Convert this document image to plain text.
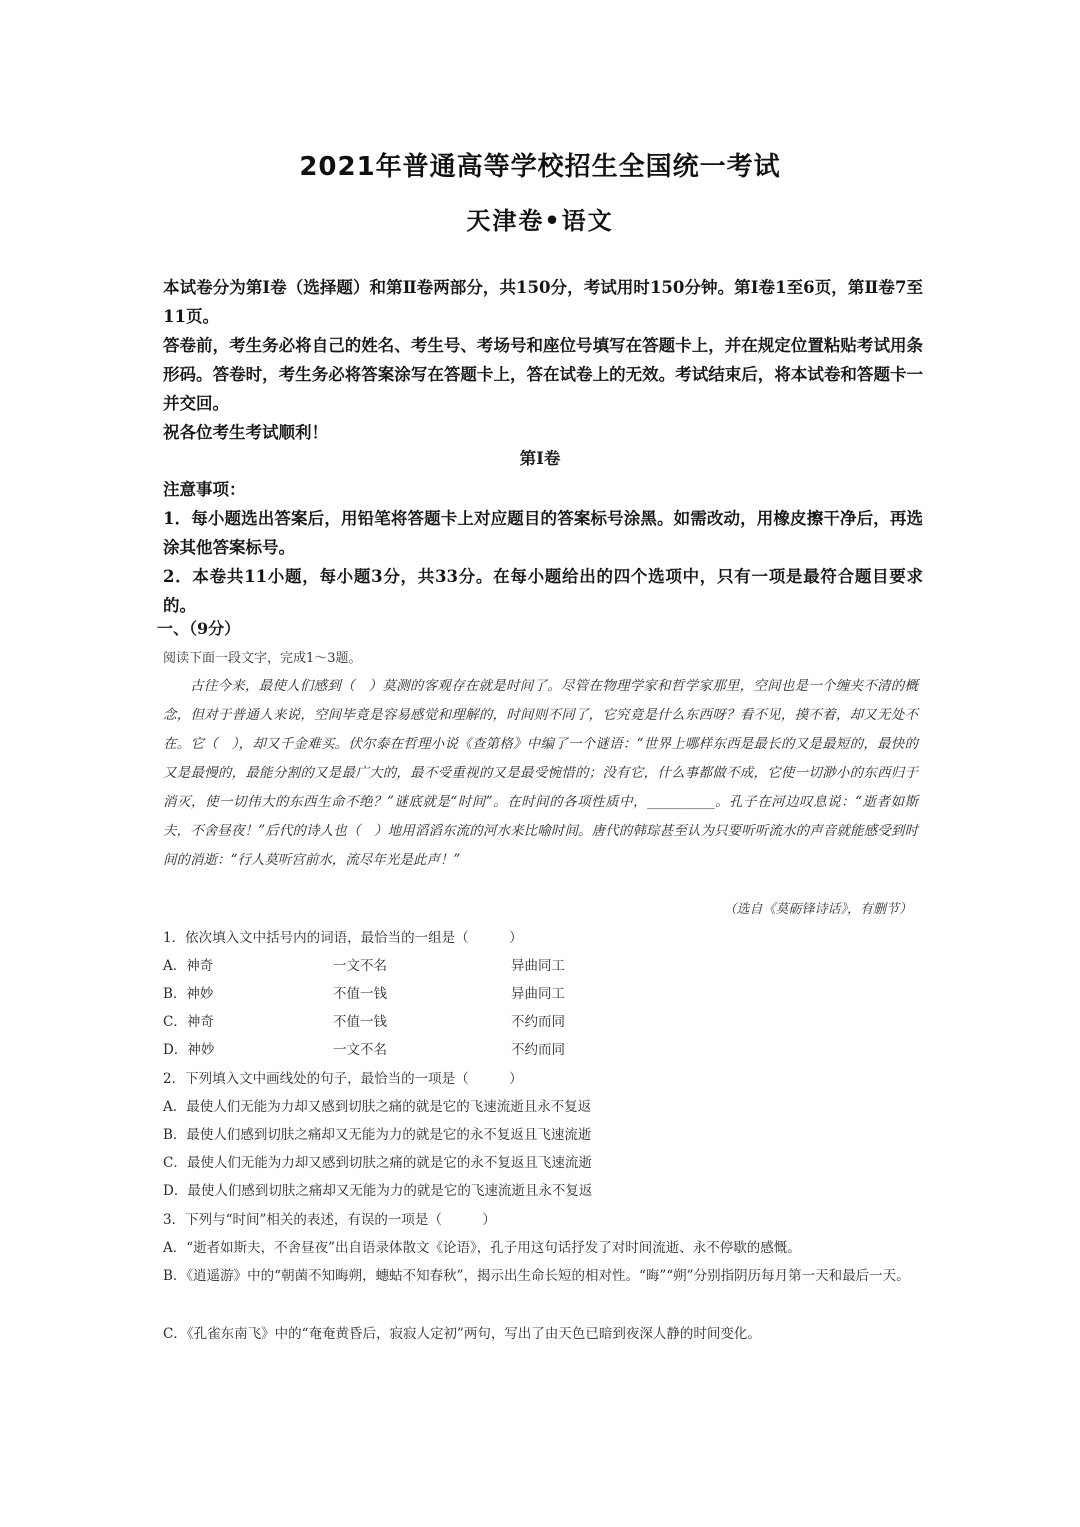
2021年普通高等学校招生全国统一考试
天津卷•语文

本试卷分为第Ⅰ卷（选择题）和第Ⅱ卷两部分，共150分，考试用时150分钟。第Ⅰ卷1至6页，第Ⅱ卷7至11页。

答卷前，考生务必将自己的姓名、考生号、考场号和座位号填写在答题卡上，并在规定位置粘贴考试用条形码。答卷时，考生务必将答案涂写在答题卡上，答在试卷上的无效。考试结束后，将本试卷和答题卡一并交回。

祝各位考生考试顺利！

第Ⅰ卷

注意事项：

1．每小题选出答案后，用铅笔将答题卡上对应题目的答案标号涂黑。如需改动，用橡皮擦干净后，再选涂其他答案标号。

2．本卷共11小题，每小题3分，共33分。在每小题给出的四个选项中，只有一项是最符合题目要求的。

一、（9分）
阅读下面一段文字，完成1～3题。

古往今来，最使人们感到（　）莫测的客观存在就是时间了。尽管在物理学家和哲学家那里，空间也是一个缠夹不清的概念，但对于普通人来说，空间毕竟是容易感觉和理解的，时间则不同了，它究竟是什么东西呀？看不见，摸不着，却又无处不在。它（　），却又千金难买。伏尔泰在哲理小说《查第格》中编了一个谜语：“世界上哪样东西是最长的又是最短的，最快的又是最慢的，最能分割的又是最广大的，最不受重视的又是最受惋惜的；没有它，什么事都做不成，它使一切渺小的东西归于消灭，使一切伟大的东西生命不绝？”谜底就是“时间”。在时间的各项性质中，__________。孔子在河边叹息说：“逝者如斯夫，不舍昼夜！”后代的诗人也（　）地用滔滔东流的河水来比喻时间。唐代的韩琮甚至认为只要听听流水的声音就能感受到时间的消逝：“行人莫听宫前水，流尽年光是此声！”

（选自《莫砺锋诗话》，有删节）
1．依次填入文中括号内的词语，最恰当的一组是（　　　）
A．神奇	一文不名	异曲同工
B．神妙	不值一钱	异曲同工
C．神奇	不值一钱	不约而同
D．神妙	一文不名	不约而同
2．下列填入文中画线处的句子，最恰当的一项是（　　　）
A．最使人们无能为力却又感到切肤之痛的就是它的飞速流逝且永不复返
B．最使人们感到切肤之痛却又无能为力的就是它的永不复返且飞速流逝
C．最使人们无能为力却又感到切肤之痛的就是它的永不复返且飞速流逝
D．最使人们感到切肤之痛却又无能为力的就是它的飞速流逝且永不复返
3．下列与“时间”相关的表述，有误的一项是（　　　）
A．“逝者如斯夫，不舍昼夜”出自语录体散文《论语》，孔子用这句话抒发了对时间流逝、永不停歇的感慨。
B．《逍遥游》中的“朝菌不知晦朔，蟪蛄不知春秋”，揭示出生命长短的相对性。“晦”“朔”分别指阴历每月第一天和最后一天。
C．《孔雀东南飞》中的“奄奄黄昏后，寂寂人定初”两句，写出了由天色已暗到夜深人静的时间变化。
